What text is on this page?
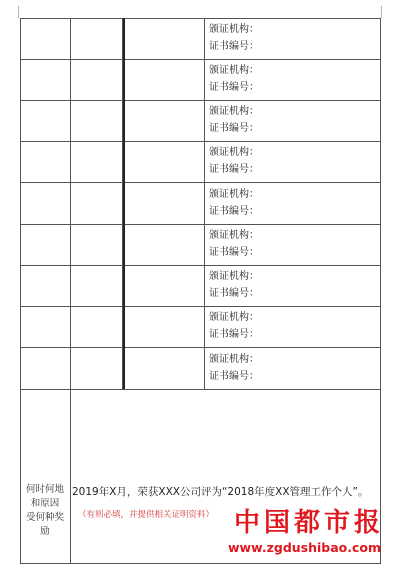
颁证机构：
证书编号：
颁证机构：
证书编号：
颁证机构：
证书编号：
颁证机构：
证书编号：
颁证机构：
证书编号：
颁证机构：
证书编号：
颁证机构：
证书编号：
颁证机构：
证书编号：
颁证机构：
证书编号：
何时何地
和原因
受何种奖
励
2019年X月，荣获XXX公司评为“2018年度XX管理工作个人”。
（有则必填，并提供相关证明资料） 中国都市报
www.zgdushibao.com
